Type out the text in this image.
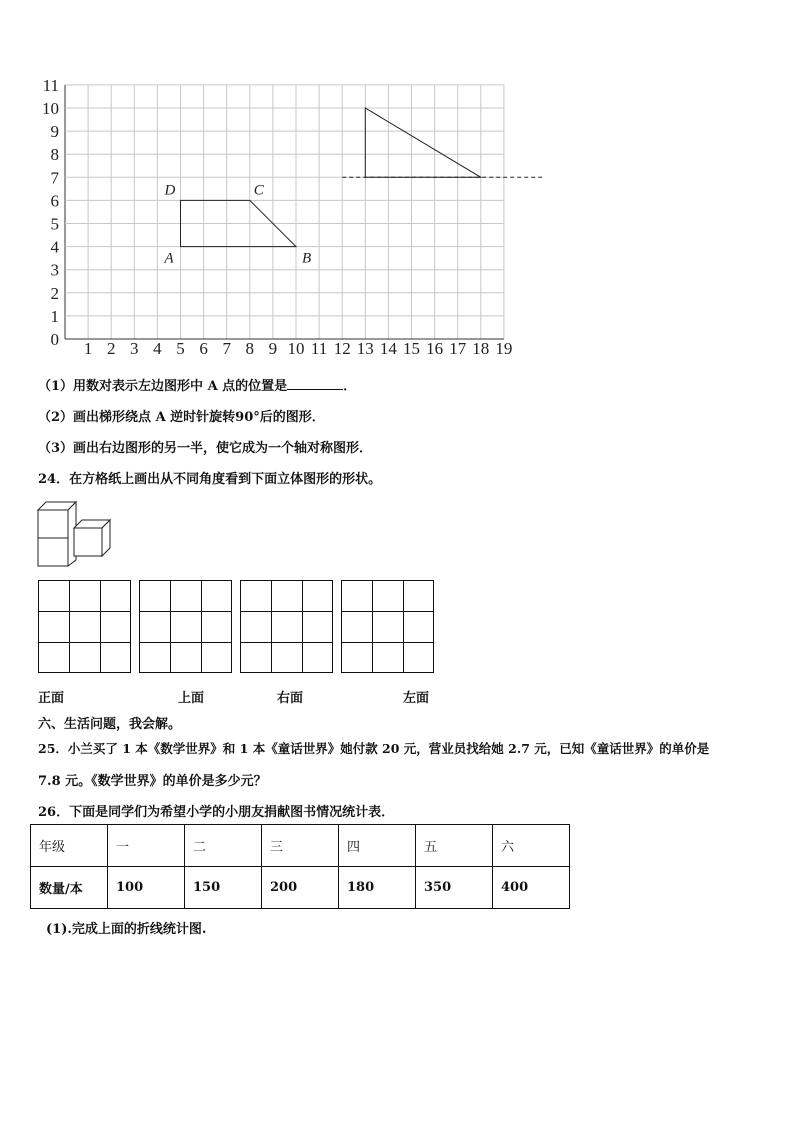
0
1
2
3
4
5
6
7
8
9
10
11
1 2 3 4 5 6 7 8 9 10 11 12 13 14 15 16 17 18 19
A	B
C
D
（1）用数对表示左边图形中 A 点的位置是	．
（2）画出梯形绕点 A 逆时针旋转90°后的图形．
（3）画出右边图形的另一半，使它成为一个轴对称图形．
24．在方格纸上画出从不同角度看到下面立体图形的形状。
正面	上面	右面	左面
六、生活问题，我会解。
25．小兰买了 1 本《数学世界》和 1 本《童话世界》她付款 20 元，营业员找给她 2.7 元，已知《童话世界》的单价是
7.8 元。《数学世界》的单价是多少元？
26．下面是同学们为希望小学的小朋友捐献图书情况统计表．
年级	一	二	三	四	五	六
数量/本	100	150	200	180	350	400
(1).完成上面的折线统计图.
